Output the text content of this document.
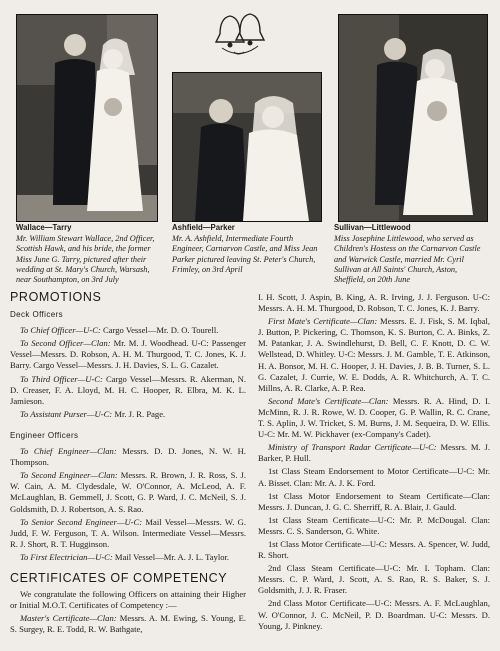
Wallace—Tarry
Mr. William Stewart Wallace, 2nd Officer, Scottish Hawk, and his bride, the former Miss June G. Tarry, pictured after their wedding at St. Mary's Church, Warsash, near Southampton, on 3rd July
Ashfield—Parker
Mr. A. Ashfield, Intermediate Fourth Engineer, Carnarvon Castle, and Miss Jean Parker pictured leaving St. Peter's Church, Frimley, on 3rd April
Sullivan—Littlewood
Miss Josephine Littlewood, who served as Children's Hostess on the Carnarvon Castle and Warwick Castle, married Mr. Cyril Sullivan at All Saints' Church, Aston, Sheffield, on 20th June

PROMOTIONS

Deck Officers

To Chief Officer—U-C: Cargo Vessel—Mr. D. O. Tourell.

To Second Officer—Clan: Mr. M. J. Woodhead. U-C: Passenger Vessel—Messrs. D. Robson, A. H. M. Thurgood, T. C. Jones, K. J. Barry. Cargo Vessel—Messrs. J. H. Davies, S. L. G. Cazalet.

To Third Officer—U-C: Cargo Vessel—Messrs. R. Akerman, N. D. Creaser, F. A. Lloyd, M. H. C. Hooper, R. Elbra, M. K. L. Jamieson.

To Assistant Purser—U-C: Mr. J. R. Page.

Engineer Officers

To Chief Engineer—Clan: Messrs. D. D. Jones, N. W. H. Thompson.

To Second Engineer—Clan: Messrs. R. Brown, J. R. Ross, S. J. W. Cain, A. M. Clydesdale, W. O'Connor, A. McLeod, A. F. McLaughlan, B. Gemmell, J. Scott, G. P. Ward, J. C. McNeil, S. J. Goldsmith, D. J. Robertson, A. S. Rao.

To Senior Second Engineer—U-C: Mail Vessel—Messrs. W. G. Judd, F. W. Ferguson, T. A. Wilson. Intermediate Vessel—Messrs. R. J. Short, R. T. Hugginson.

To First Electrician—U-C: Mail Vessel—Mr. A. J. L. Taylor.

CERTIFICATES OF COMPETENCY

We congratulate the following Officers on attaining their Higher or Initial M.O.T. Certificates of Competency :—

Master's Certificate—Clan: Messrs. A. M. Ewing, S. Young, E. S. Surgey, R. E. Todd, R. W. Bathgate,

I. H. Scott, J. Aspin, B. King, A. R. Irving, J. J. Ferguson. U-C: Messrs. A. H. M. Thurgood, D. Robson, T. C. Jones, K. J. Barry.

First Mate's Certificate—Clan: Messrs. E. J. Fisk, S. M. Iqbal, J. Button, P. Pickering, C. Thomson, K. S. Burton, C. A. Binks, Z. M. Patankar, J. A. Swindlehurst, D. Bell, C. F. Knott, D. C. W. Wellstead, D. Whitley. U-C: Messrs. J. M. Gamble, T. E. Atkinson, H. A. Bonsor, M. H. C. Hooper, J. H. Davies, J. B. B. Turner, S. L. G. Cazalet, J. Currie, W. E. Dodds, A. R. Whitchurch, A. T. C. Millns, A. R. Clarke, A. P. Rea.

Second Mate's Certificate—Clan: Messrs. R. A. Hind, D. I. McMinn, R. J. R. Rowe, W. D. Cooper, G. P. Wallin, R. C. Crane, T. S. Aplin, J. W. Tricket, S. M. Burns, J. M. Sequeira, D. W. Ellis. U-C: Mr. M. W. Pickhaver (ex-Company's Cadet).

Ministry of Transport Radar Certificate—U-C: Messrs. M. J. Barker, P. Hull.

1st Class Steam Endorsement to Motor Certificate—U-C: Mr. A. Bisset. Clan: Mr. A. J. K. Ford.

1st Class Motor Endorsement to Steam Certificate—Clan: Messrs. J. Duncan, J. G. C. Sherriff, R. A. Blair, J. Gauld.

1st Class Steam Certificate—U-C: Mr. P. McDougal. Clan: Messrs. C. S. Sanderson, G. White.

1st Class Motor Certificate—U-C: Messrs. A. Spencer, W. Judd, R. Short.

2nd Class Steam Certificate—U-C: Mr. I. Topham. Clan: Messrs. C. P. Ward, J. Scott, A. S. Rao, R. S. Baker, S. J. Goldsmith, J. J. R. Fraser.

2nd Class Motor Certificate—U-C: Messrs. A. F. McLaughlan, W. O'Connor, J. C. McNeil, P. D. Boardman. U-C: Messrs. D. Young, J. Pinkney.
